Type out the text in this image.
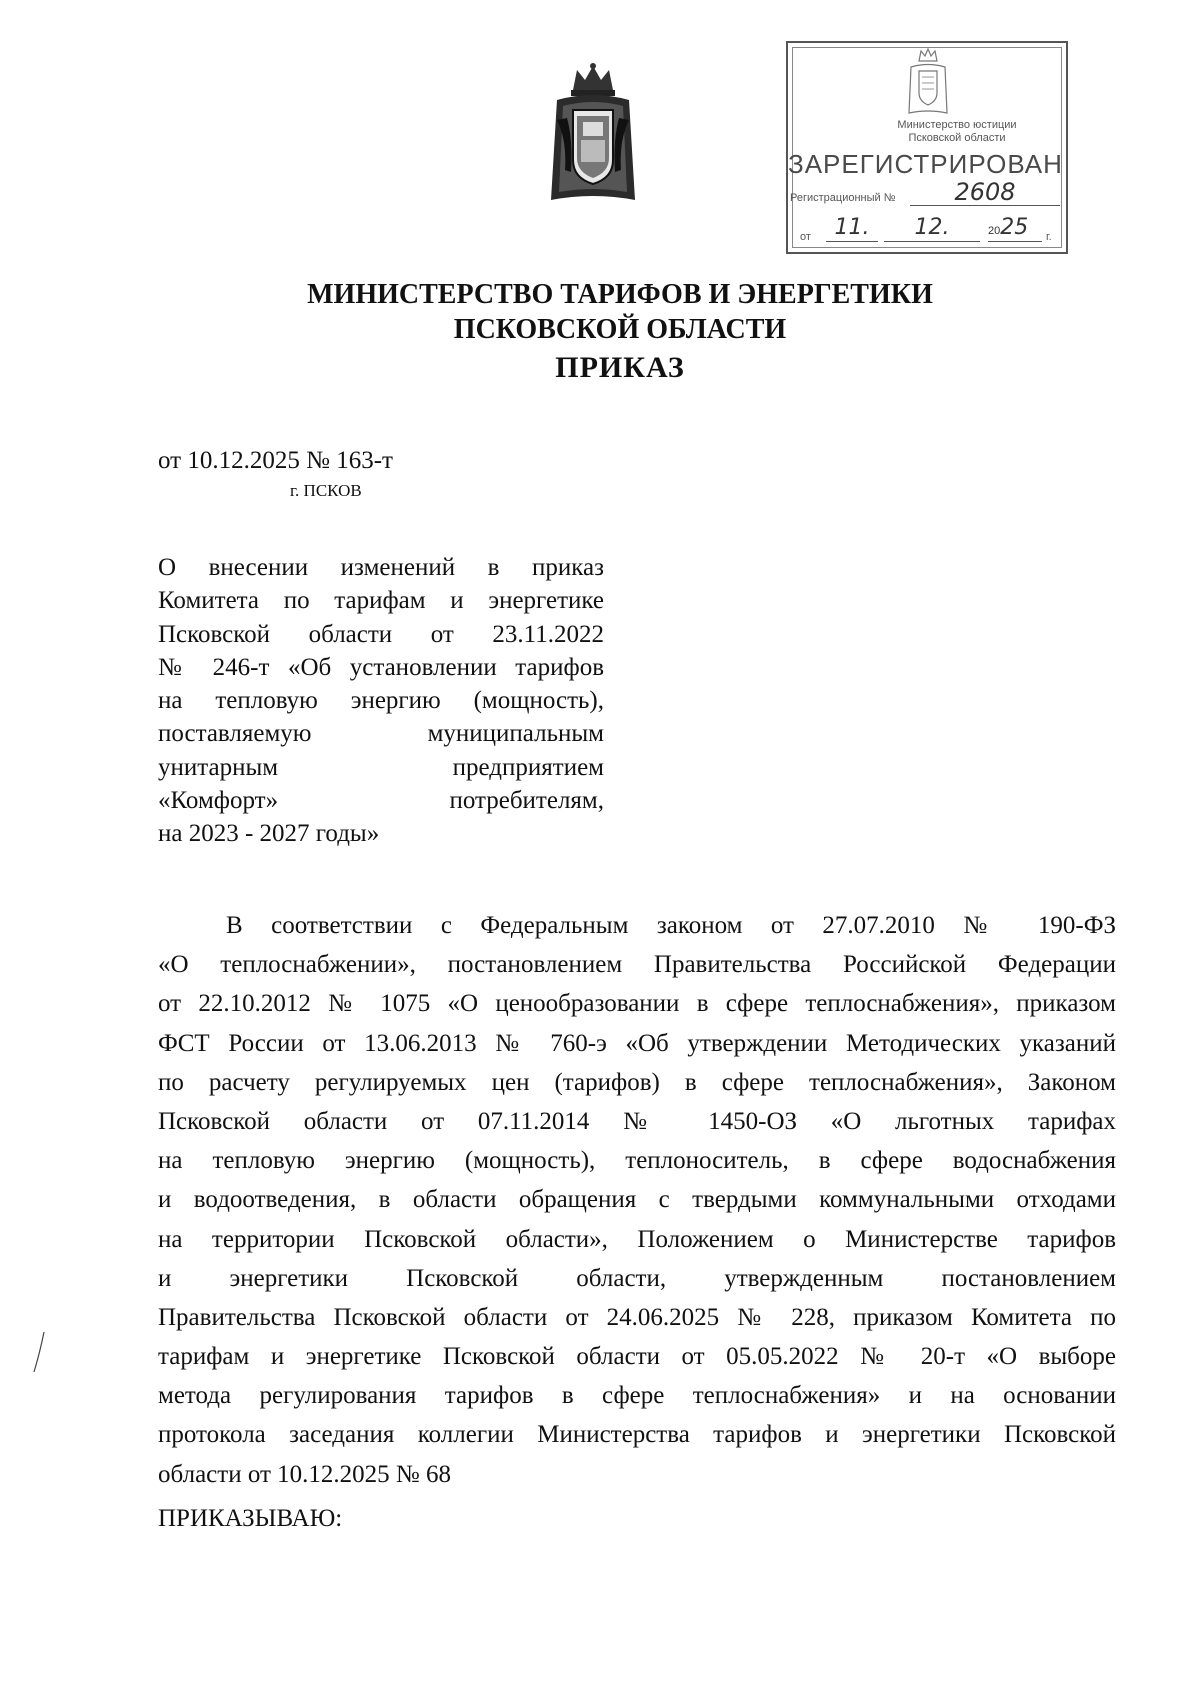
Министерство юстиции
Псковской области
ЗАРЕГИСТРИРОВАН
Регистрационный №	2608
от	11.	12.	2025	г.
МИНИСТЕРСТВО ТАРИФОВ И ЭНЕРГЕТИКИ
ПСКОВСКОЙ ОБЛАСТИ
ПРИКАЗ
от 10.12.2025 № 163-т
г. ПСКОВ
О внесении изменений в приказ
Комитета по тарифам и энергетике
Псковской области от 23.11.2022
№ 246-т «Об установлении тарифов
на тепловую энергию (мощность),
поставляемую муниципальным
унитарным предприятием
«Комфорт» потребителям,
на 2023 - 2027 годы»
В соответствии с Федеральным законом от 27.07.2010 № 190-ФЗ
«О теплоснабжении», постановлением Правительства Российской Федерации
от 22.10.2012 № 1075 «О ценообразовании в сфере теплоснабжения», приказом
ФСТ России от 13.06.2013 № 760-э «Об утверждении Методических указаний
по расчету регулируемых цен (тарифов) в сфере теплоснабжения», Законом
Псковской области от 07.11.2014 № 1450-ОЗ «О льготных тарифах
на тепловую энергию (мощность), теплоноситель, в сфере водоснабжения
и водоотведения, в области обращения с твердыми коммунальными отходами
на территории Псковской области», Положением о Министерстве тарифов
и энергетики Псковской области, утвержденным постановлением
Правительства Псковской области от 24.06.2025 № 228, приказом Комитета по
тарифам и энергетике Псковской области от 05.05.2022 № 20-т «О выборе
метода регулирования тарифов в сфере теплоснабжения» и на основании
протокола заседания коллегии Министерства тарифов и энергетики Псковской
области от 10.12.2025 № 68
ПРИКАЗЫВАЮ:
